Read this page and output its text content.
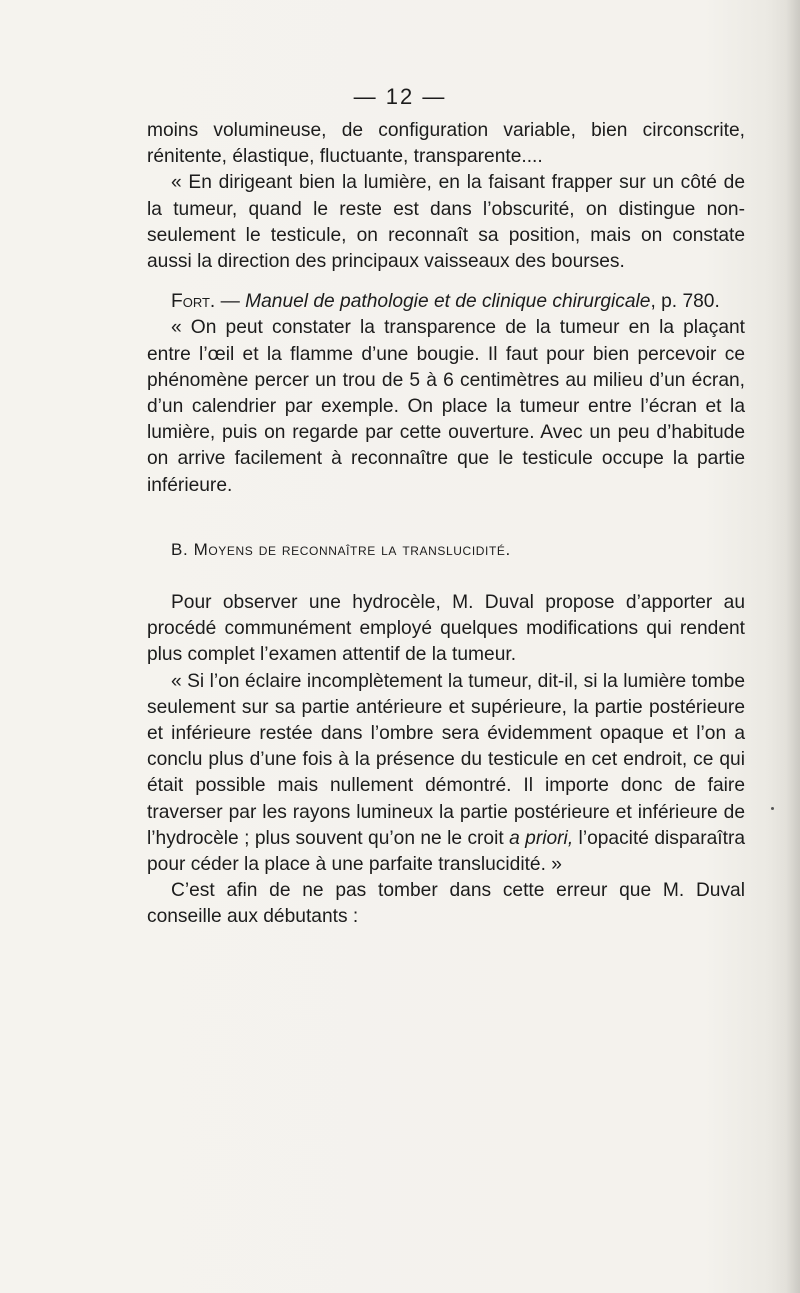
— 12 —

moins volumineuse, de configuration variable, bien circonscrite, rénitente, élastique, fluctuante, transparente....

« En dirigeant bien la lumière, en la faisant frapper sur un côté de la tumeur, quand le reste est dans l’obscurité, on distingue non-seulement le testicule, on reconnaît sa position, mais on constate aussi la direction des principaux vaisseaux des bourses.

Fort. — Manuel de pathologie et de clinique chirurgicale, p. 780.

« On peut constater la transparence de la tumeur en la plaçant entre l’œil et la flamme d’une bougie. Il faut pour bien percevoir ce phénomène percer un trou de 5 à 6 centimètres au milieu d’un écran, d’un calendrier par exemple. On place la tumeur entre l’écran et la lumière, puis on regarde par cette ouverture. Avec un peu d’habitude on arrive facilement à reconnaître que le testicule occupe la partie inférieure.

B. Moyens de reconnaître la translucidité.

Pour observer une hydrocèle, M. Duval propose d’apporter au procédé communément employé quelques modifications qui rendent plus complet l’examen attentif de la tumeur.

« Si l’on éclaire incomplètement la tumeur, dit-il, si la lumière tombe seulement sur sa partie antérieure et supérieure, la partie postérieure et inférieure restée dans l’ombre sera évidemment opaque et l’on a conclu plus d’une fois à la présence du testicule en cet endroit, ce qui était possible mais nullement démontré. Il importe donc de faire traverser par les rayons lumineux la partie postérieure et inférieure de l’hydrocèle ; plus souvent qu’on ne le croit a priori, l’opacité disparaîtra pour céder la place à une parfaite translucidité. »

C’est afin de ne pas tomber dans cette erreur que M. Duval conseille aux débutants :
